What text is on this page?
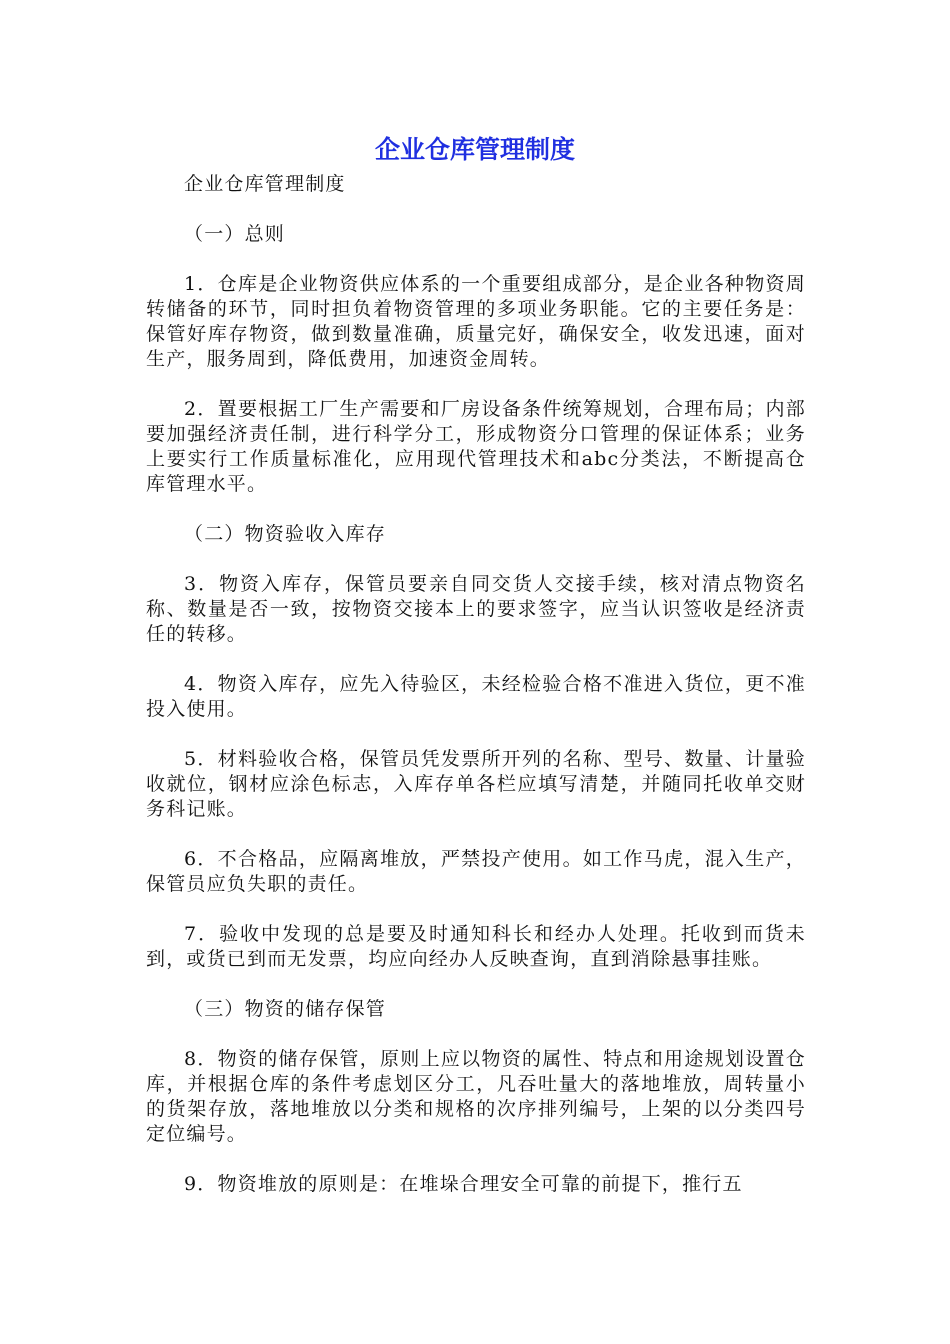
企业仓库管理制度

企业仓库管理制度

（一）总则

1．仓库是企业物资供应体系的一个重要组成部分，是企业各种物资周转储备的环节，同时担负着物资管理的多项业务职能。它的主要任务是：保管好库存物资，做到数量准确，质量完好，确保安全，收发迅速，面对生产，服务周到，降低费用，加速资金周转。

2．置要根据工厂生产需要和厂房设备条件统筹规划，合理布局；内部要加强经济责任制，进行科学分工，形成物资分口管理的保证体系；业务上要实行工作质量标准化，应用现代管理技术和abc分类法，不断提高仓库管理水平。

（二）物资验收入库存

3．物资入库存，保管员要亲自同交货人交接手续，核对清点物资名称、数量是否一致，按物资交接本上的要求签字，应当认识签收是经济责任的转移。

4．物资入库存，应先入待验区，未经检验合格不准进入货位，更不准投入使用。

5．材料验收合格，保管员凭发票所开列的名称、型号、数量、计量验收就位，钢材应涂色标志，入库存单各栏应填写清楚，并随同托收单交财务科记账。

6．不合格品，应隔离堆放，严禁投产使用。如工作马虎，混入生产，保管员应负失职的责任。

7．验收中发现的总是要及时通知科长和经办人处理。托收到而货未到，或货已到而无发票，均应向经办人反映查询，直到消除悬事挂账。

（三）物资的储存保管

8．物资的储存保管，原则上应以物资的属性、特点和用途规划设置仓库，并根据仓库的条件考虑划区分工，凡吞吐量大的落地堆放，周转量小的货架存放，落地堆放以分类和规格的次序排列编号，上架的以分类四号定位编号。

9．物资堆放的原则是：在堆垛合理安全可靠的前提下，推行五
